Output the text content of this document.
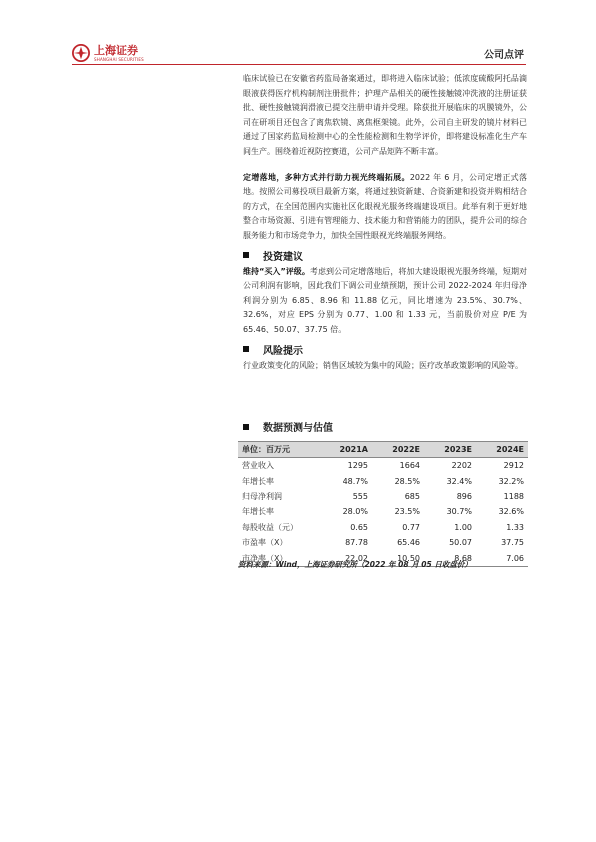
上海证券
SHANGHAI SECURITIES	公司点评

临床试验已在安徽省药监局备案通过，即将进入临床试验；低浓度硫酸阿托品滴眼液获得医疗机构制剂注册批件；护理产品相关的硬性接触镜冲洗液的注册证获批、硬性接触镜润滑液已提交注册申请并受理。除获批开展临床的巩膜镜外，公司在研项目还包含了离焦软镜、离焦框架镜。此外，公司自主研发的镜片材料已通过了国家药监局检测中心的全性能检测和生物学评价，即将建设标准化生产车间生产。围绕着近视防控赛道，公司产品矩阵不断丰富。

定增落地，多种方式并行助力视光终端拓展。2022 年 6 月，公司定增正式落地。按照公司募投项目最新方案，将通过独资新建、合资新建和投资并购相结合的方式，在全国范围内实施社区化眼视光服务终端建设项目。此举有利于更好地整合市场资源、引进有管理能力、技术能力和营销能力的团队，提升公司的综合服务能力和市场竞争力，加快全国性眼视光终端服务网络。

投资建议

维持“买入”评级。考虑到公司定增落地后，将加大建设眼视光服务终端，短期对公司利润有影响，因此我们下调公司业绩预期，预计公司 2022-2024 年归母净利润分别为 6.85、8.96 和 11.88 亿元，同比增速为 23.5%、30.7%、32.6%，对应 EPS 分别为 0.77、1.00 和 1.33 元，当前股价对应 P/E 为 65.46、50.07、37.75 倍。

风险提示

行业政策变化的风险；销售区域较为集中的风险；医疗改革政策影响的风险等。

数据预测与估值
单位：百万元	2021A	2022E	2023E	2024E
营业收入	1295	1664	2202	2912
年增长率	48.7%	28.5%	32.4%	32.2%
归母净利润	555	685	896	1188
年增长率	28.0%	23.5%	30.7%	32.6%
每股收益（元）	0.65	0.77	1.00	1.33
市盈率（X）	87.78	65.46	50.07	37.75
市净率（X）	22.02	10.50	8.68	7.06
资料来源：Wind，上海证券研究所（2022 年 08 月 05 日收盘价）
